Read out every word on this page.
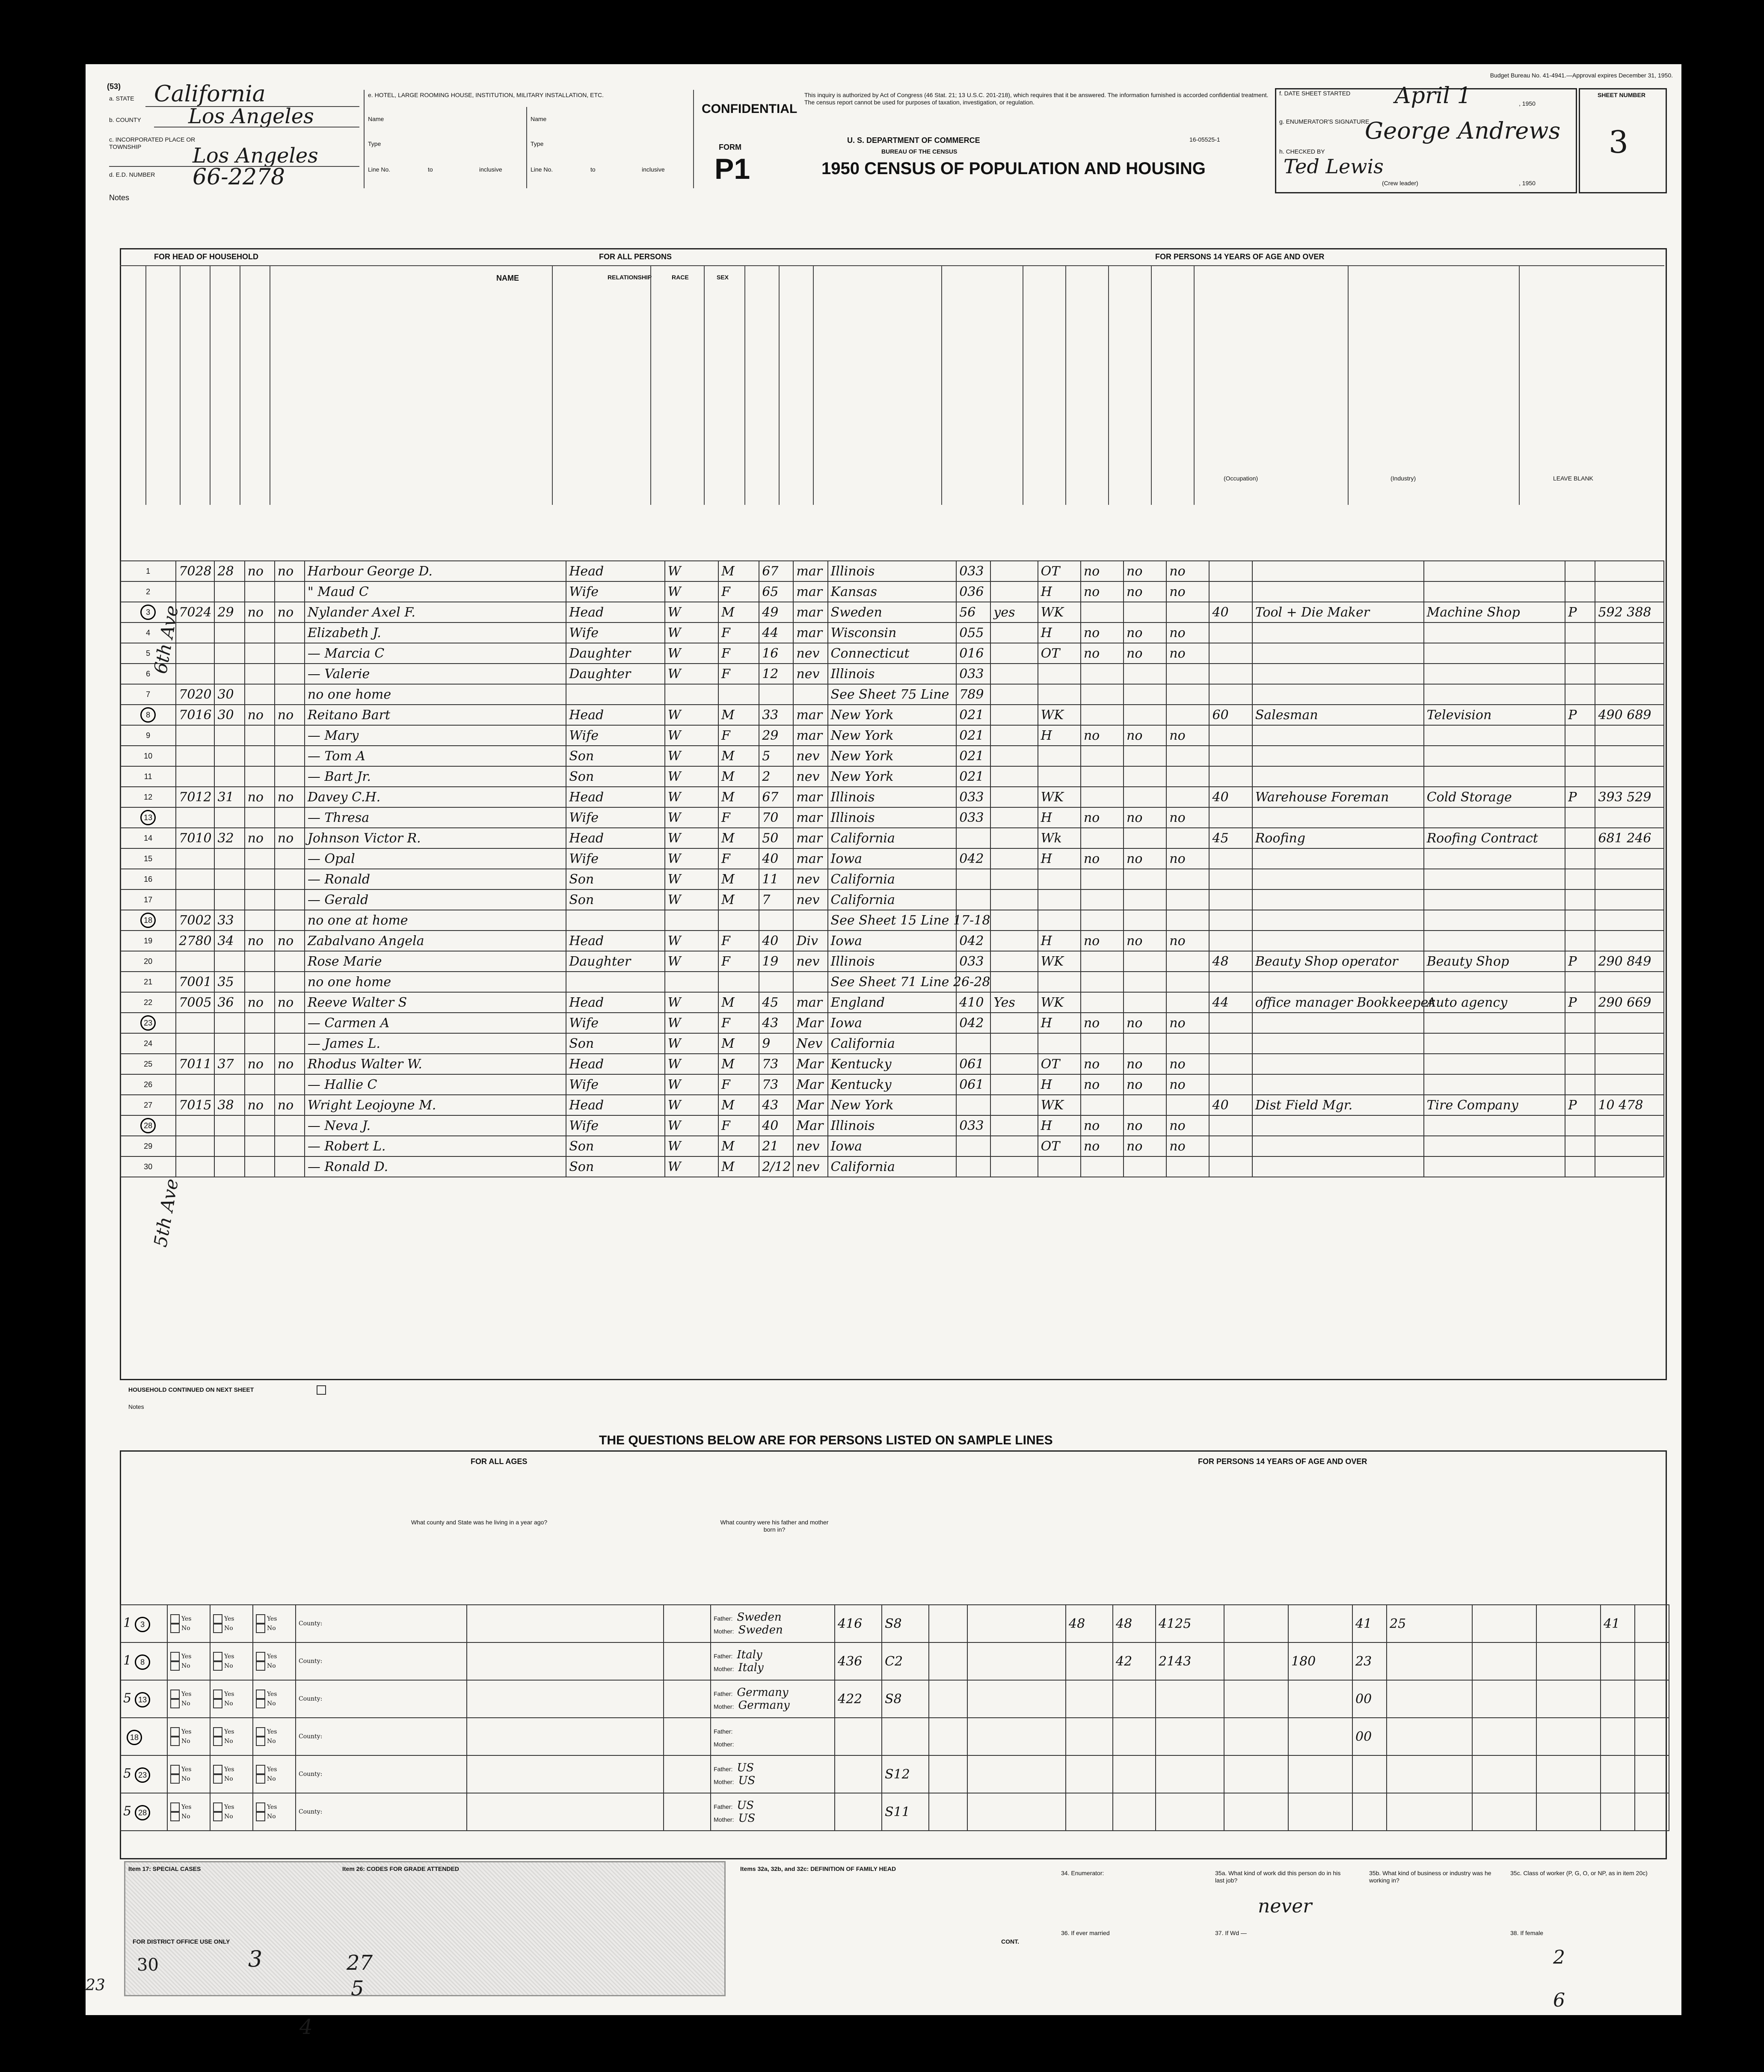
(53)
Budget Bureau No. 41-4941.—Approval expires December 31, 1950.
a. STATE California
b. COUNTY Los Angeles
c. INCORPORATED PLACE OR TOWNSHIP	Los Angeles
d. E.D. NUMBER 66-2278
Notes
e. HOTEL, LARGE ROOMING HOUSE, INSTITUTION, MILITARY INSTALLATION, ETC.
Name	Name
Type	Type
Line No.	to	inclusive	Line No.	to	inclusive
CONFIDENTIAL
This inquiry is authorized by Act of Congress (46 Stat. 21; 13 U.S.C. 201-218), which requires that it be answered. The information furnished is accorded confidential treatment. The census report cannot be used for purposes of taxation, investigation, or regulation.
FORM
P1
U. S. DEPARTMENT OF COMMERCE
BUREAU OF THE CENSUS
1950 CENSUS OF POPULATION AND HOUSING
16-05525-1
f. DATE SHEET STARTED April 1	, 1950
g. ENUMERATOR'S SIGNATURE
George Andrews
h. CHECKED BY
Ted Lewis
(Crew leader)	, 1950
SHEET NUMBER
3
FOR HEAD OF HOUSEHOLD	FOR ALL PERSONS	FOR PERSONS 14 YEARS OF AGE AND OVER
NAME	RELATIONSHIP	RACE	SEX
(Occupation)	(Industry)	LEAVE BLANK
1	7028	28	no	no	Harbour George D.	Head	W	M	67	mar	Illinois	033		OT	no	no	no					
2					" Maud C	Wife	W	F	65	mar	Kansas	036		H	no	no	no					
3	7024	29	no	no	Nylander Axel F.	Head	W	M	49	mar	Sweden	56	yes	WK				40	Tool + Die Maker	Machine Shop	P	592 388
4					Elizabeth J.	Wife	W	F	44	mar	Wisconsin	055		H	no	no	no					
5					— Marcia C	Daughter	W	F	16	nev	Connecticut	016		OT	no	no	no					
6					— Valerie	Daughter	W	F	12	nev	Illinois	033										
7	7020	30			no one home						See Sheet 75 Line	789										
8	7016	30	no	no	Reitano Bart	Head	W	M	33	mar	New York	021		WK				60	Salesman	Television	P	490 689
9					— Mary	Wife	W	F	29	mar	New York	021		H	no	no	no					
10					— Tom A	Son	W	M	5	nev	New York	021										
11					— Bart Jr.	Son	W	M	2	nev	New York	021										
12	7012	31	no	no	Davey C.H.	Head	W	M	67	mar	Illinois	033		WK				40	Warehouse Foreman	Cold Storage	P	393 529
13					— Thresa	Wife	W	F	70	mar	Illinois	033		H	no	no	no					
14	7010	32	no	no	Johnson Victor R.	Head	W	M	50	mar	California			Wk				45	Roofing	Roofing Contract		681 246
15					— Opal	Wife	W	F	40	mar	Iowa	042		H	no	no	no					
16					— Ronald	Son	W	M	11	nev	California											
17					— Gerald	Son	W	M	7	nev	California											
18	7002	33			no one at home						See Sheet 15 Line 17-18											
19	2780	34	no	no	Zabalvano Angela	Head	W	F	40	Div	Iowa	042		H	no	no	no					
20					Rose Marie	Daughter	W	F	19	nev	Illinois	033		WK				48	Beauty Shop operator	Beauty Shop	P	290 849
21	7001	35			no one home						See Sheet 71 Line 26-28											
22	7005	36	no	no	Reeve Walter S	Head	W	M	45	mar	England	410	Yes	WK				44	office manager Bookkeeper	Auto agency	P	290 669
23					— Carmen A	Wife	W	F	43	Mar	Iowa	042		H	no	no	no					
24					— James L.	Son	W	M	9	Nev	California											
25	7011	37	no	no	Rhodus Walter W.	Head	W	M	73	Mar	Kentucky	061		OT	no	no	no					
26					— Hallie C	Wife	W	F	73	Mar	Kentucky	061		H	no	no	no					
27	7015	38	no	no	Wright Leojoyne M.	Head	W	M	43	Mar	New York			WK				40	Dist Field Mgr.	Tire Company	P	10 478
28					— Neva J.	Wife	W	F	40	Mar	Illinois	033		H	no	no	no					
29					— Robert L.	Son	W	M	21	nev	Iowa			OT	no	no	no					
30					— Ronald D.	Son	W	M	2/12	nev	California											
6th Ave
5th Ave
HOUSEHOLD CONTINUED ON NEXT SHEET
Notes
THE QUESTIONS BELOW ARE FOR PERSONS LISTED ON SAMPLE LINES
FOR ALL AGES	FOR PERSONS 14 YEARS OF AGE AND OVER
What county and State was he living in a year ago?	What country were his father and mother born in?
1 3	Yes
No	Yes
No	Yes
No	County:			Father: Sweden
Mother: Sweden	416	S8			48	48	4125			41	25			41	
1 8	Yes
No	Yes
No	Yes
No	County:			Father: Italy
Mother: Italy	436	C2				42	2143		180	23					
5 13	Yes
No	Yes
No	Yes
No	County:			Father: Germany
Mother: Germany	422	S8								00					
18	Yes
No	Yes
No	Yes
No	County:			Father:
Mother:										00					
5 23	Yes
No	Yes
No	Yes
No	County:			Father: US
Mother: US		S12													
5 28	Yes
No	Yes
No	Yes
No	County:			Father: US
Mother: US		S11													
Item 17: SPECIAL CASES	Item 26: CODES FOR GRADE ATTENDED	Items 32a, 32b, and 32c: DEFINITION OF FAMILY HEAD
FOR DISTRICT OFFICE USE ONLY
30	3	27
5
4
23
CONT.
34. Enumerator:	35a. What kind of work did this person do in his last job?
never
35b. What kind of business or industry was he working in?
35c. Class of worker (P, G, O, or NP, as in item 20c)
36. If ever married	37. If Wd —	38. If female
2
6
